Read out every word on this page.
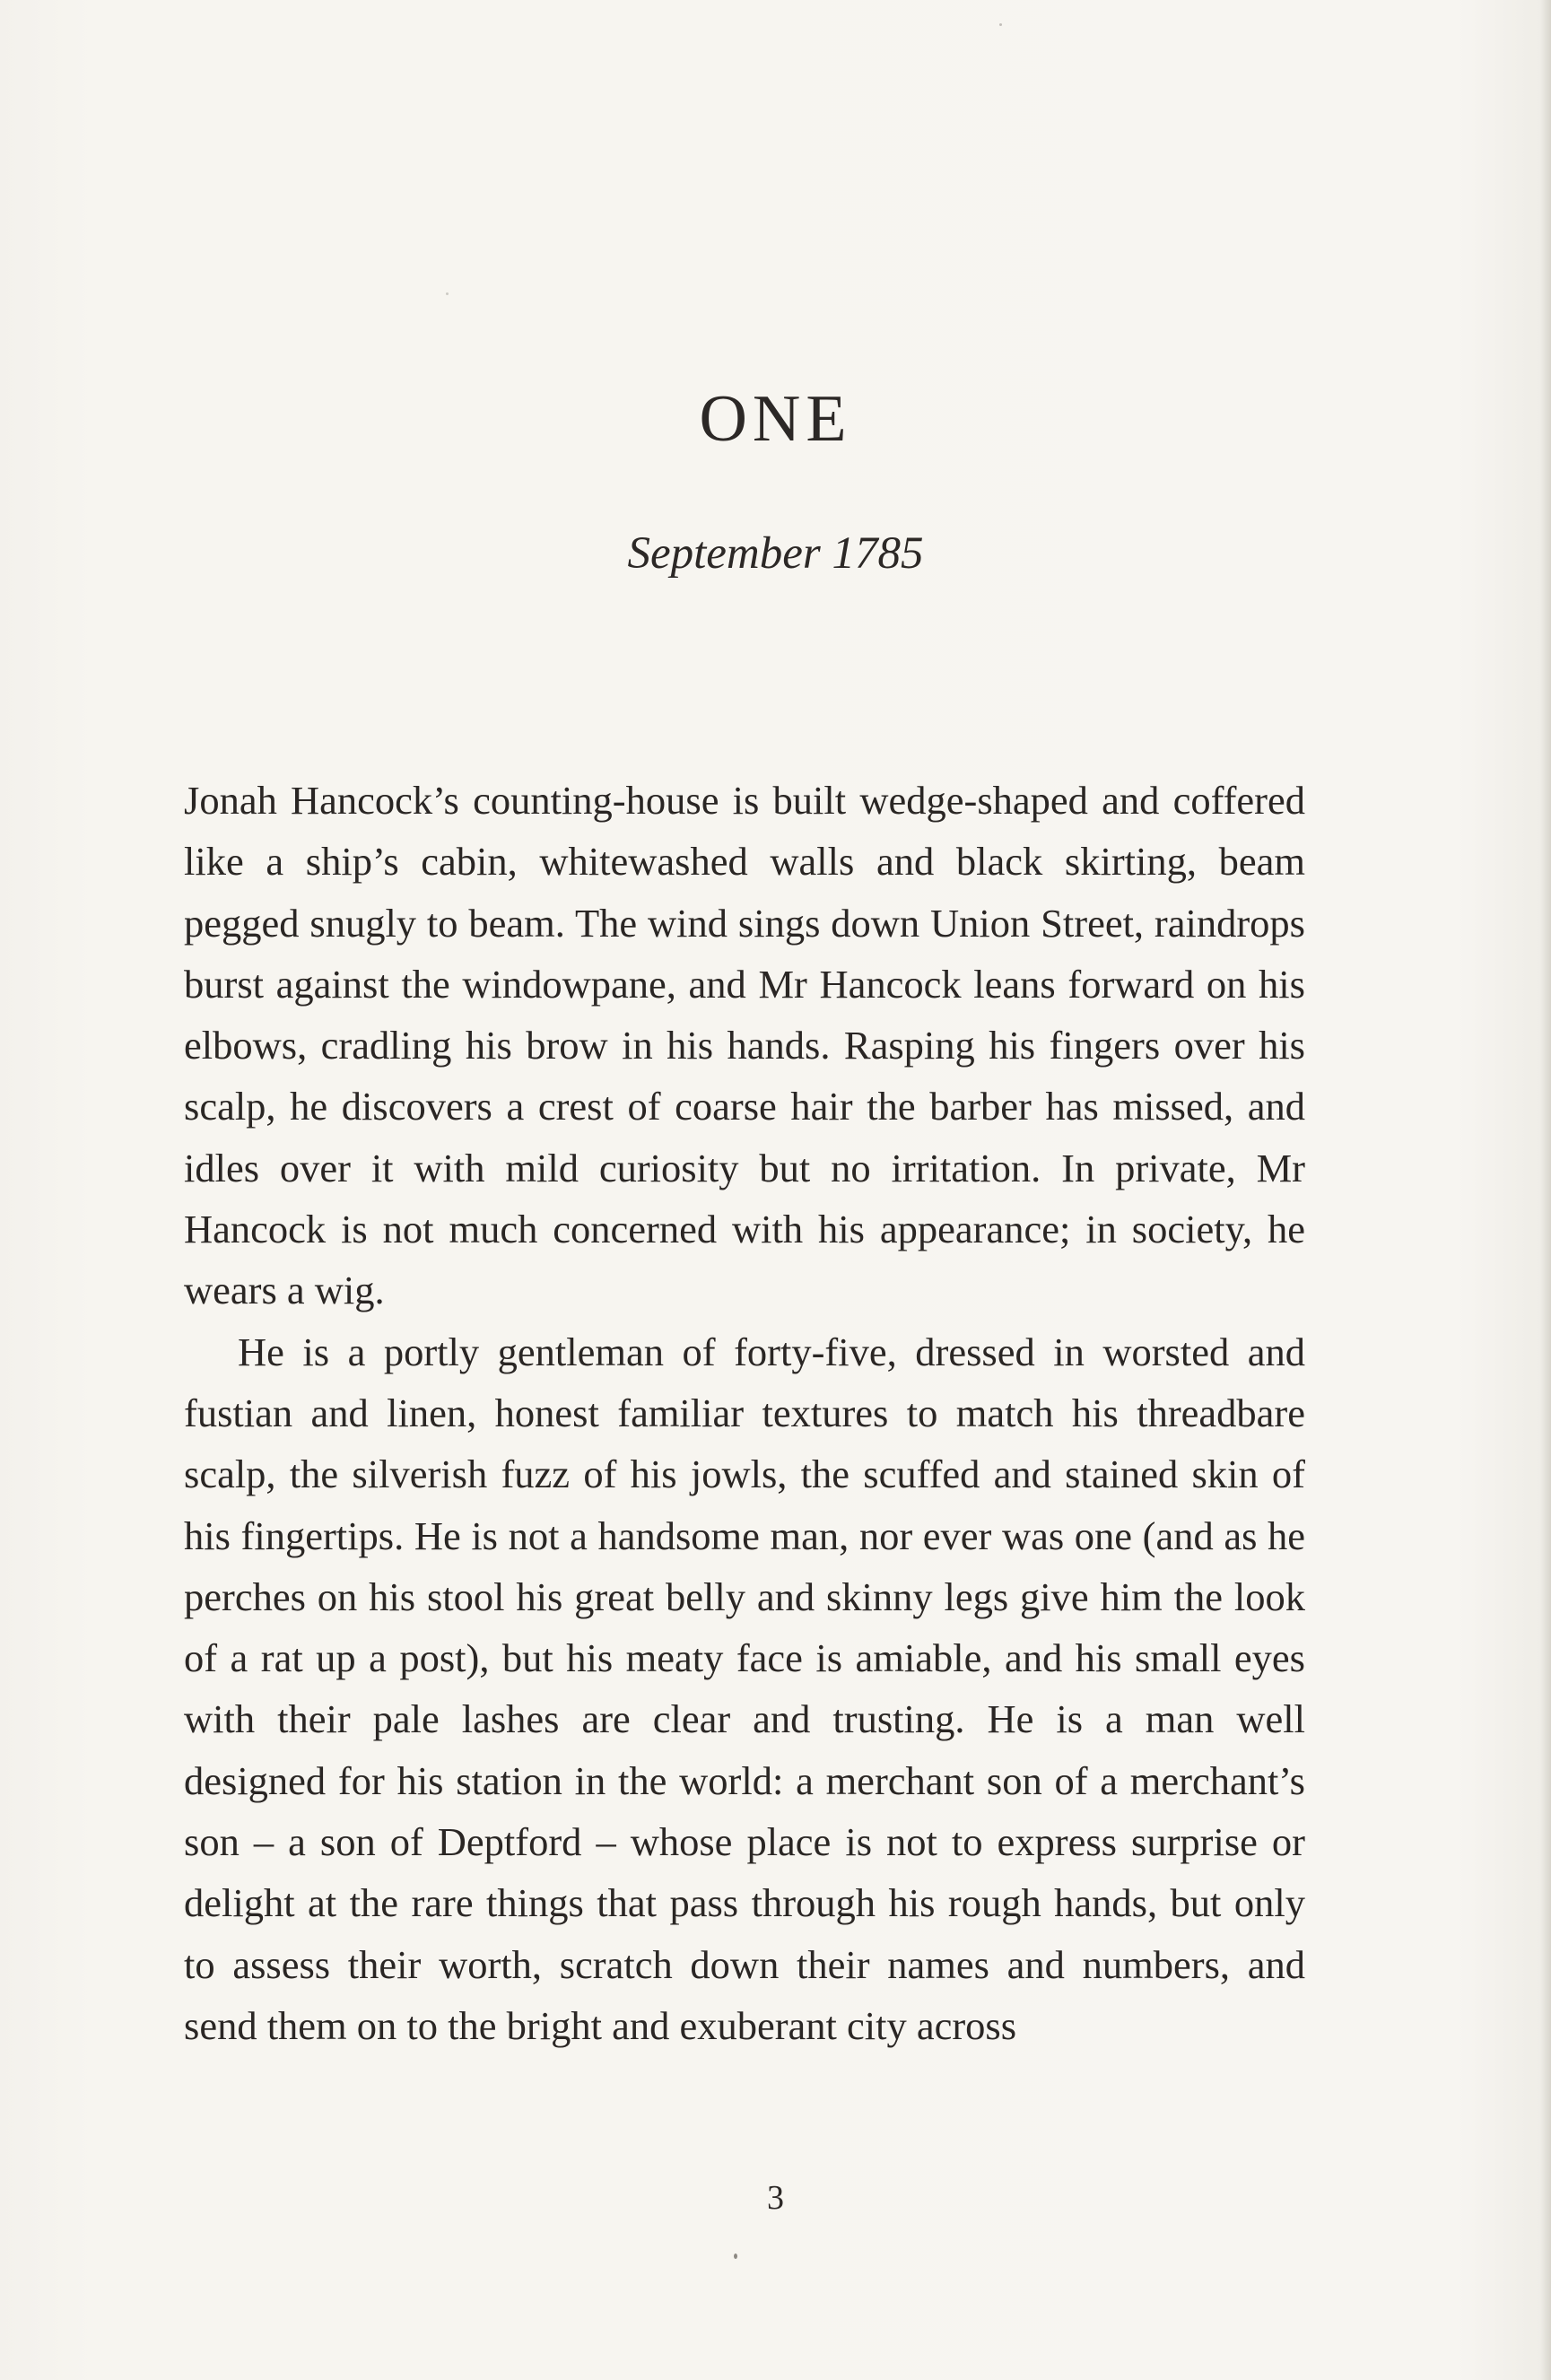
ONE
September 1785

Jonah Hancock’s counting-house is built wedge-shaped and coffered like a ship’s cabin, whitewashed walls and black skirting, beam pegged snugly to beam. The wind sings down Union Street, raindrops burst against the windowpane, and Mr Hancock leans forward on his elbows, cradling his brow in his hands. Rasping his fingers over his scalp, he discovers a crest of coarse hair the barber has missed, and idles over it with mild curiosity but no irritation. In private, Mr Hancock is not much concerned with his appearance; in society, he wears a wig.

He is a portly gentleman of forty-five, dressed in worsted and fustian and linen, honest familiar textures to match his threadbare scalp, the silverish fuzz of his jowls, the scuffed and stained skin of his fingertips. He is not a handsome man, nor ever was one (and as he perches on his stool his great belly and skinny legs give him the look of a rat up a post), but his meaty face is amiable, and his small eyes with their pale lashes are clear and trusting. He is a man well designed for his station in the world: a merchant son of a merchant’s son – a son of Deptford – whose place is not to express surprise or delight at the rare things that pass through his rough hands, but only to assess their worth, scratch down their names and numbers, and send them on to the bright and exuberant city across

3
